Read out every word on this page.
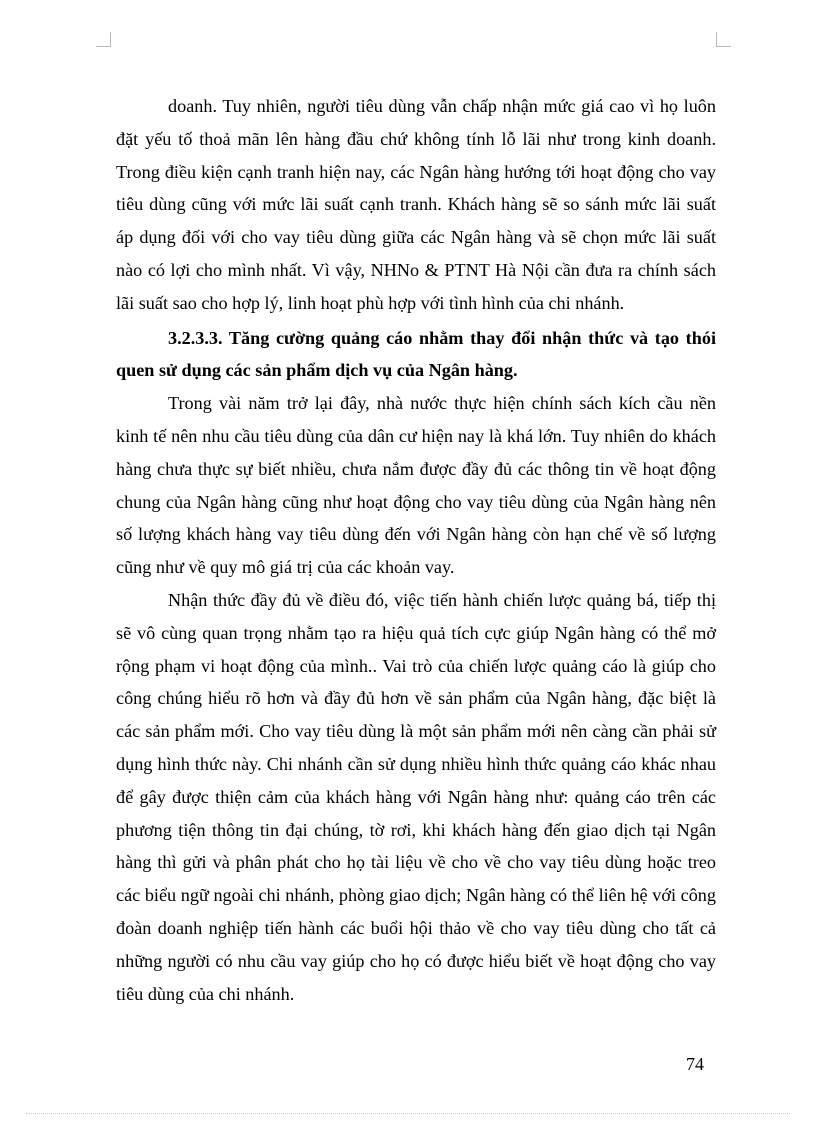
doanh. Tuy nhiên, người tiêu dùng vẫn chấp nhận mức giá cao vì họ luôn đặt yếu tố thoả mãn lên hàng đầu chứ không tính lỗ lãi như trong kinh doanh. Trong điều kiện cạnh tranh hiện nay, các Ngân hàng hướng tới hoạt động cho vay tiêu dùng cũng với mức lãi suất cạnh tranh. Khách hàng sẽ so sánh mức lãi suất áp dụng đối với cho vay tiêu dùng giữa các Ngân hàng và sẽ chọn mức lãi suất nào có lợi cho mình nhất. Vì vậy, NHNo & PTNT Hà Nội cần đưa ra chính sách lãi suất sao cho hợp lý, linh hoạt phù hợp với tình hình của chi nhánh.

3.2.3.3. Tăng cường quảng cáo nhằm thay đổi nhận thức và tạo thói quen sử dụng các sản phẩm dịch vụ của Ngân hàng.

Trong vài năm trở lại đây, nhà nước thực hiện chính sách kích cầu nền kinh tế nên nhu cầu tiêu dùng của dân cư hiện nay là khá lớn. Tuy nhiên do khách hàng chưa thực sự biết nhiều, chưa nắm được đầy đủ các thông tin về hoạt động chung của Ngân hàng cũng như hoạt động cho vay tiêu dùng của Ngân hàng nên số lượng khách hàng vay tiêu dùng đến với Ngân hàng còn hạn chế về số lượng cũng như về quy mô giá trị của các khoản vay.

Nhận thức đầy đủ về điều đó, việc tiến hành chiến lược quảng bá, tiếp thị sẽ vô cùng quan trọng nhằm tạo ra hiệu quả tích cực giúp Ngân hàng có thể mở rộng phạm vi hoạt động của mình.. Vai trò của chiến lược quảng cáo là giúp cho công chúng hiểu rõ hơn và đầy đủ hơn về sản phẩm của Ngân hàng, đặc biệt là các sản phẩm mới. Cho vay tiêu dùng là một sản phẩm mới nên càng cần phải sử dụng hình thức này. Chi nhánh cần sử dụng nhiều hình thức quảng cáo khác nhau để gây được thiện cảm của khách hàng với Ngân hàng như: quảng cáo trên các phương tiện thông tin đại chúng, tờ rơi, khi khách hàng đến giao dịch tại Ngân hàng thì gửi và phân phát cho họ tài liệu về cho về cho vay tiêu dùng hoặc treo các biểu ngữ ngoài chi nhánh, phòng giao dịch; Ngân hàng có thể liên hệ với công đoàn doanh nghiệp tiến hành các buổi hội thảo về cho vay tiêu dùng cho tất cả những người có nhu cầu vay giúp cho họ có được hiểu biết về hoạt động cho vay tiêu dùng của chi nhánh.

74
